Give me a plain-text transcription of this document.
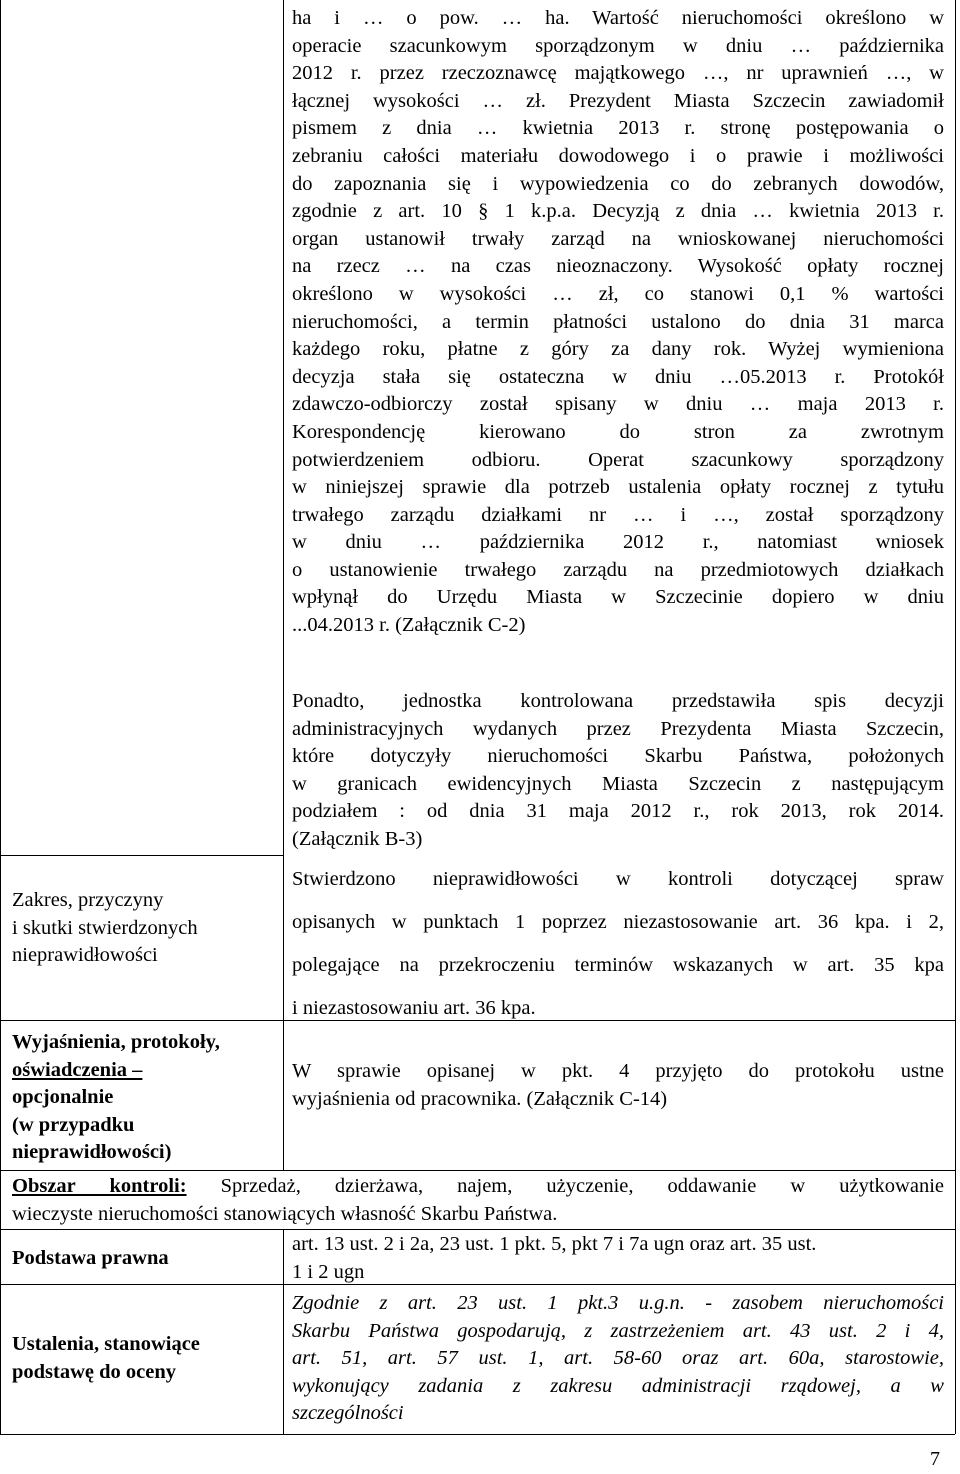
ha i … o pow. … ha. Wartość nieruchomości określono w
operacie szacunkowym sporządzonym w dniu … października
2012 r. przez rzeczoznawcę majątkowego …, nr uprawnień …, w
łącznej wysokości … zł. Prezydent Miasta Szczecin zawiadomił
pismem z dnia … kwietnia 2013 r. stronę postępowania o
zebraniu całości materiału dowodowego i o prawie i możliwości
do zapoznania się i wypowiedzenia co do zebranych dowodów,
zgodnie z art. 10 § 1 k.p.a. Decyzją z dnia … kwietnia 2013 r.
organ ustanowił trwały zarząd na wnioskowanej nieruchomości
na rzecz … na czas nieoznaczony. Wysokość opłaty rocznej
określono w wysokości … zł, co stanowi 0,1 % wartości
nieruchomości, a termin płatności ustalono do dnia 31 marca
każdego roku, płatne z góry za dany rok. Wyżej wymieniona
decyzja stała się ostateczna w dniu …05.2013 r. Protokół
zdawczo-odbiorczy został spisany w dniu … maja 2013 r.
Korespondencję kierowano do stron za zwrotnym
potwierdzeniem odbioru. Operat szacunkowy sporządzony
w niniejszej sprawie dla potrzeb ustalenia opłaty rocznej z tytułu
trwałego zarządu działkami nr … i …, został sporządzony
w dniu … października 2012 r., natomiast wniosek
o ustanowienie trwałego zarządu na przedmiotowych działkach
wpłynął do Urzędu Miasta w Szczecinie dopiero w dniu
...04.2013 r. (Załącznik C-2)
Ponadto, jednostka kontrolowana przedstawiła spis decyzji
administracyjnych wydanych przez Prezydenta Miasta Szczecin,
które dotyczyły nieruchomości Skarbu Państwa, położonych
w granicach ewidencyjnych Miasta Szczecin z następującym
podziałem : od dnia 31 maja 2012 r., rok 2013, rok 2014.
(Załącznik B-3)
Zakres, przyczyny
i skutki stwierdzonych
nieprawidłowości
Stwierdzono nieprawidłowości w kontroli dotyczącej spraw
opisanych w punktach 1 poprzez niezastosowanie art. 36 kpa. i 2,
polegające na przekroczeniu terminów wskazanych w art. 35 kpa
i niezastosowaniu art. 36 kpa.
Wyjaśnienia, protokoły,
oświadczenia –
opcjonalnie
(w przypadku
nieprawidłowości)
W sprawie opisanej w pkt. 4 przyjęto do protokołu ustne
wyjaśnienia od pracownika. (Załącznik C-14)
Obszar kontroli: Sprzedaż, dzierżawa, najem, użyczenie, oddawanie w użytkowanie
wieczyste nieruchomości stanowiących własność Skarbu Państwa.
Podstawa prawna
art. 13 ust. 2 i 2a, 23 ust. 1 pkt. 5, pkt 7 i 7a ugn oraz art. 35 ust.
1 i 2 ugn
Ustalenia, stanowiące
podstawę do oceny
Zgodnie z art. 23 ust. 1 pkt.3 u.g.n. - zasobem nieruchomości
Skarbu Państwa gospodarują, z zastrzeżeniem art. 43 ust. 2 i 4,
art. 51, art. 57 ust. 1, art. 58-60 oraz art. 60a, starostowie,
wykonujący zadania z zakresu administracji rządowej, a w
szczególności
7
